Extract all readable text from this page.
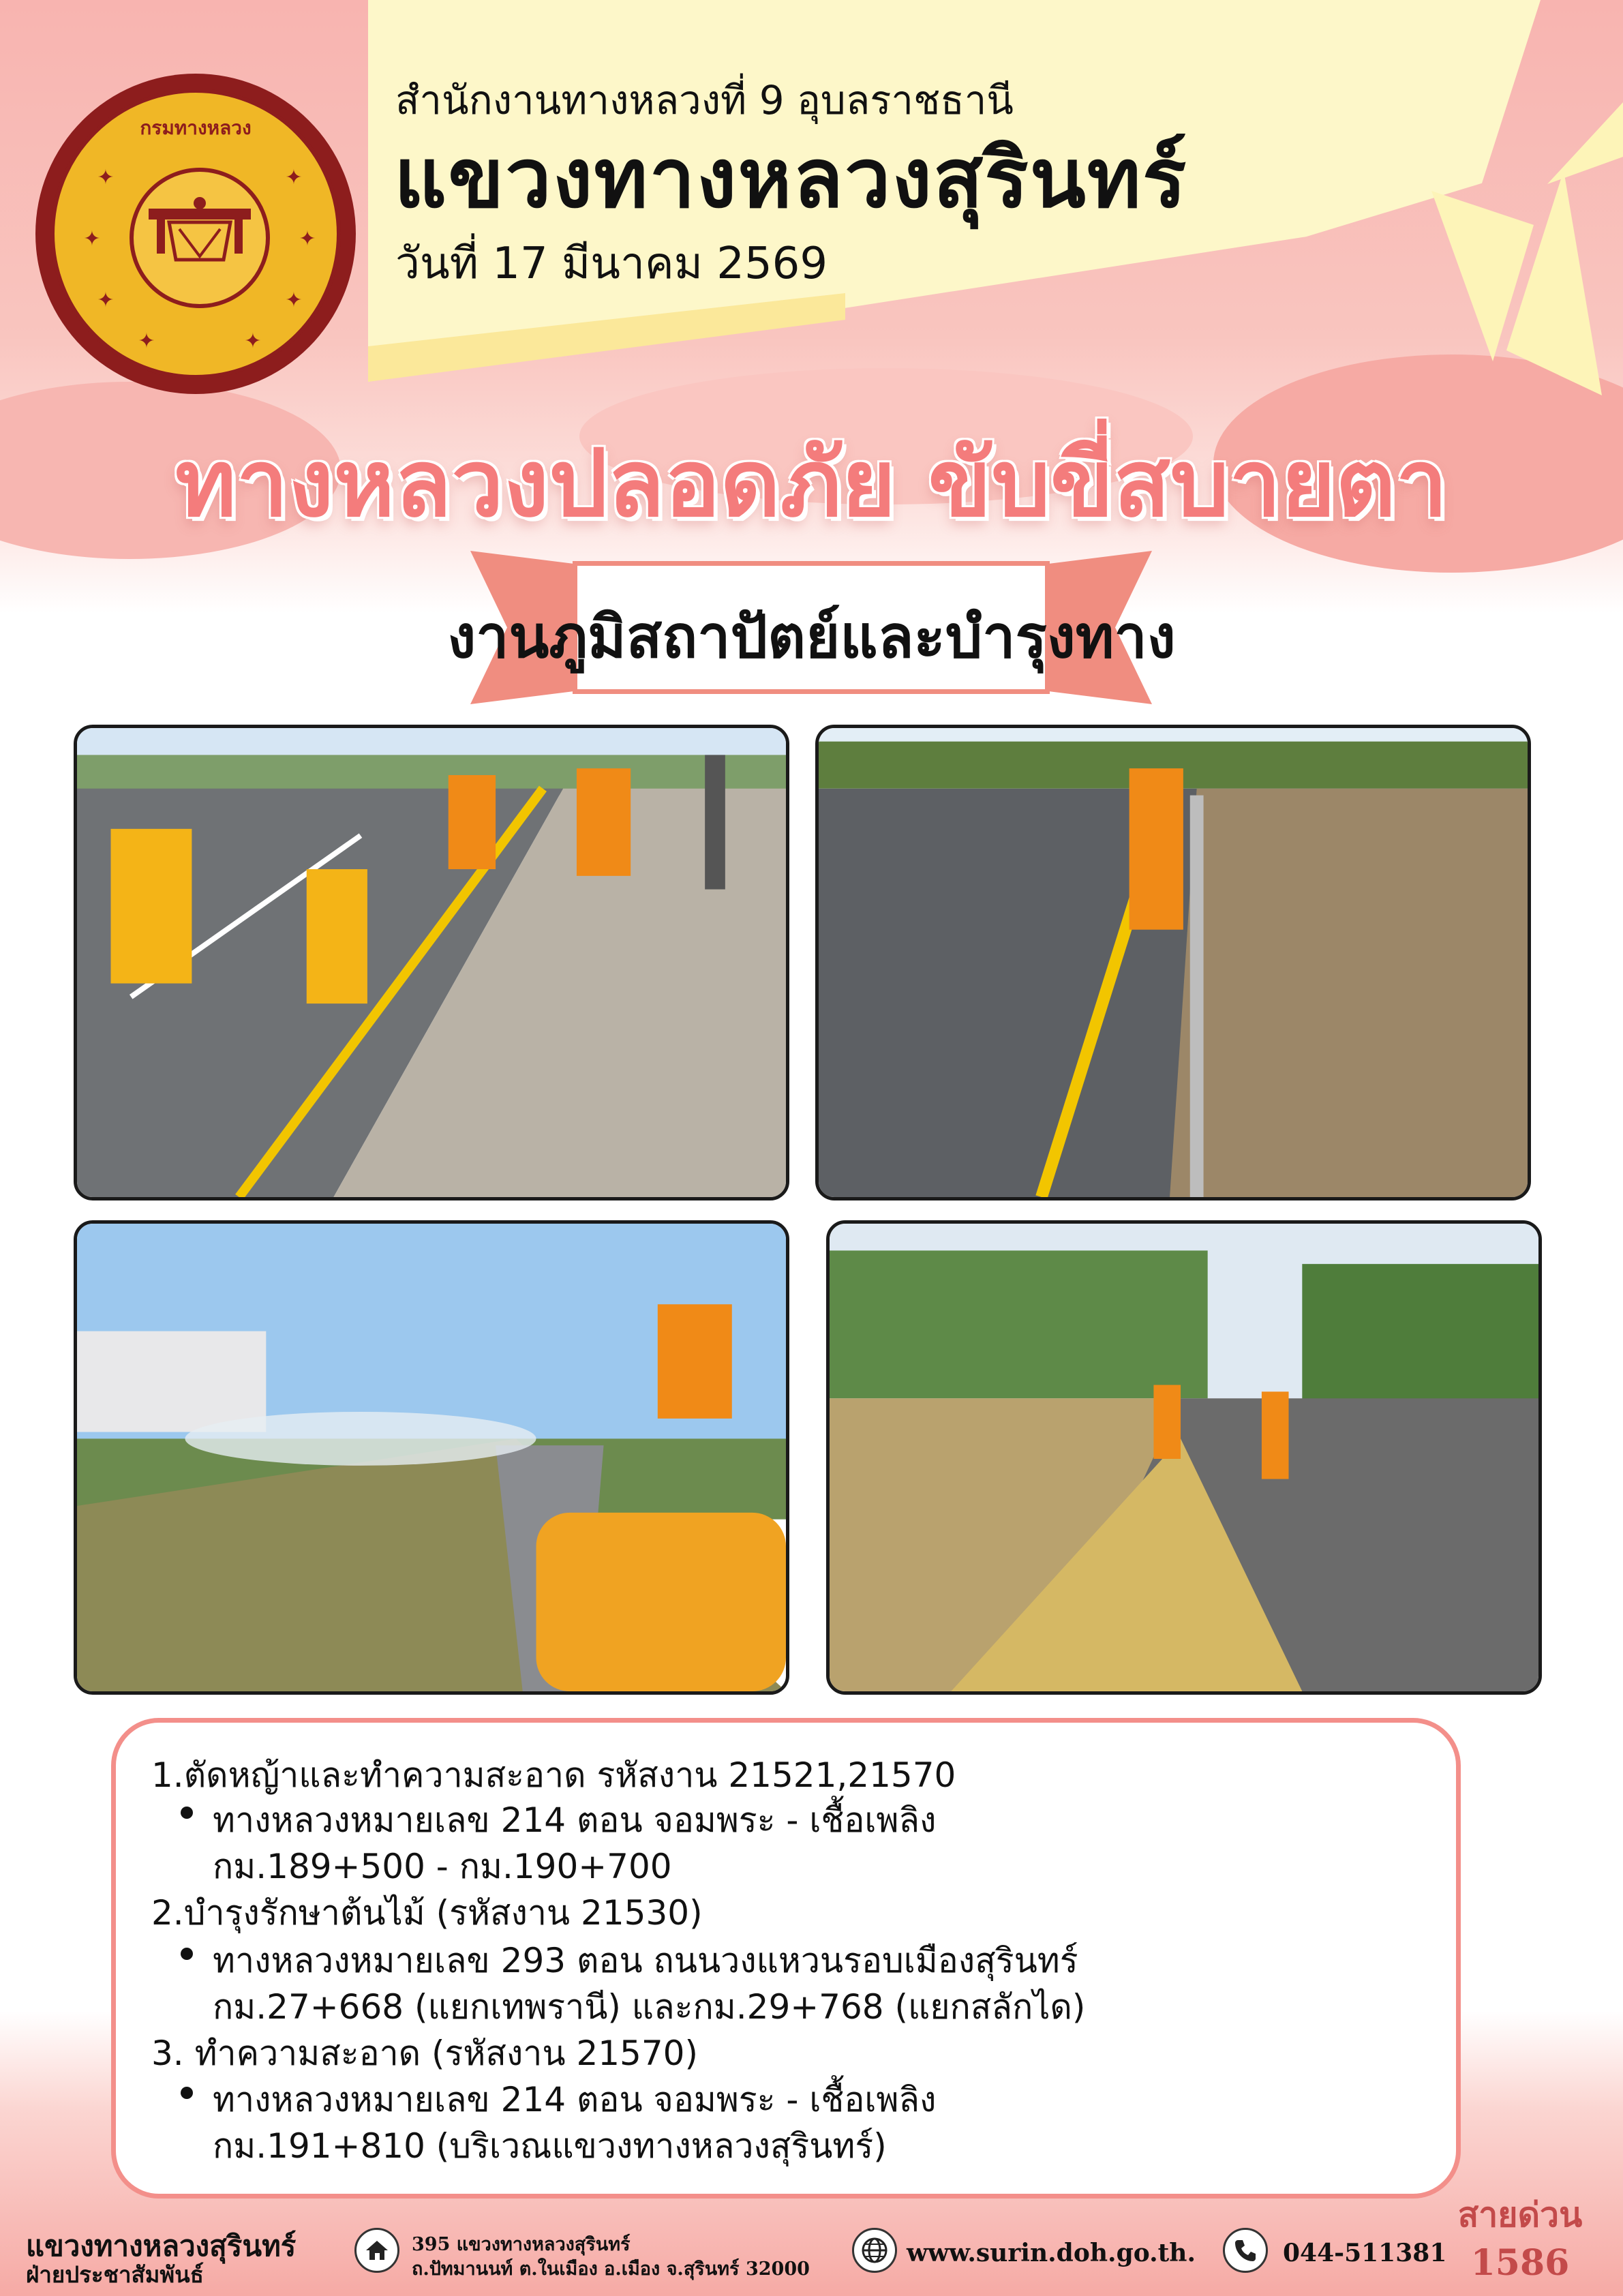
กรมทางหลวง
✦	✦
✦	✦
✦	✦
✦	✦
สำนักงานทางหลวงที่ 9 อุบลราชธานี
แขวงทางหลวงสุรินทร์
วันที่ 17 มีนาคม 2569
ทางหลวงปลอดภัย ขับขี่สบายตา
งานภูมิสถาปัตย์และบำรุงทาง
1.ตัดหญ้าและทำความสะอาด รหัสงาน 21521,21570
ทางหลวงหมายเลข 214 ตอน จอมพระ - เชื้อเพลิง
กม.189+500 - กม.190+700
2.บำรุงรักษาต้นไม้ (รหัสงาน 21530)
ทางหลวงหมายเลข 293 ตอน ถนนวงแหวนรอบเมืองสุรินทร์
กม.27+668 (แยกเทพรานี) และกม.29+768 (แยกสลักได)
3. ทำความสะอาด (รหัสงาน 21570)
ทางหลวงหมายเลข 214 ตอน จอมพระ - เชื้อเพลิง
กม.191+810 (บริเวณแขวงทางหลวงสุรินทร์)
แขวงทางหลวงสุรินทร์
ฝ่ายประชาสัมพันธ์
395 แขวงทางหลวงสุรินทร์
ถ.ปัทมานนท์ ต.ในเมือง อ.เมือง จ.สุรินทร์ 32000
www.surin.doh.go.th.	044-511381
สายด่วน
1586
